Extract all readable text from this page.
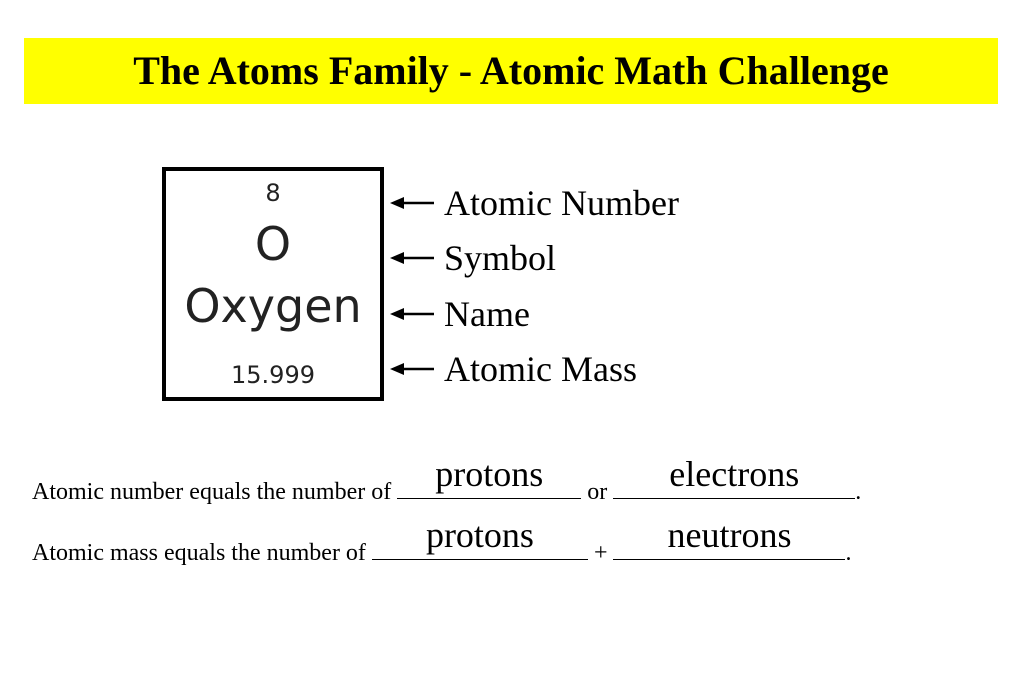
The Atoms Family - Atomic Math Challenge
8
O
Oxygen
15.999
Atomic Number
Symbol
Name
Atomic Mass
Atomic number equals the number of	protons	or	electrons	.
Atomic mass equals the number of	protons	+	neutrons	.
